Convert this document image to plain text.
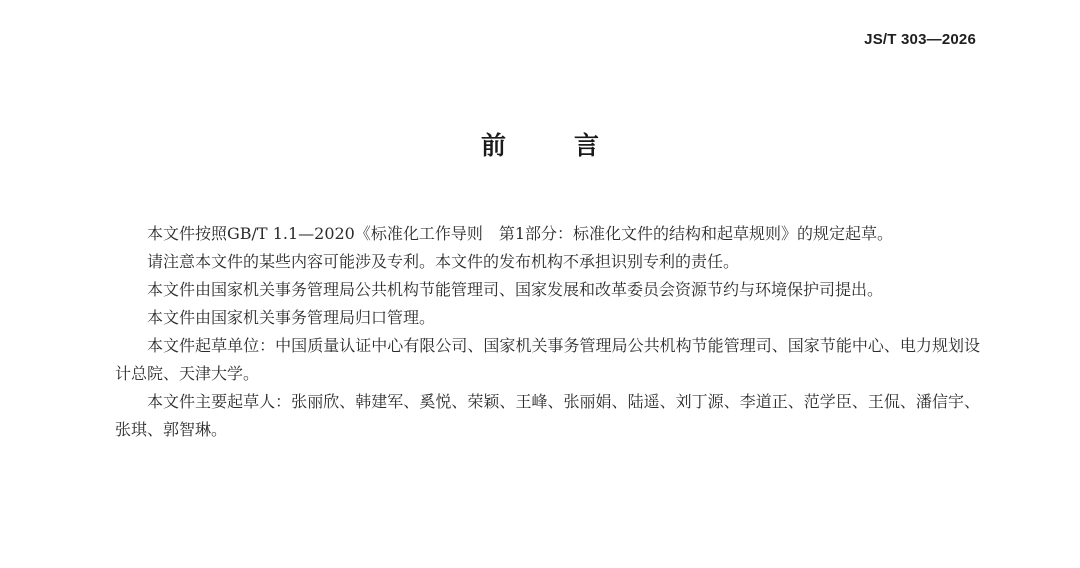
JS/T 303—2026
前	言

本文件按照GB/T 1.1—2020《标准化工作导则　第1部分：标准化文件的结构和起草规则》的规定起草。

请注意本文件的某些内容可能涉及专利。本文件的发布机构不承担识别专利的责任。

本文件由国家机关事务管理局公共机构节能管理司、国家发展和改革委员会资源节约与环境保护司提出。

本文件由国家机关事务管理局归口管理。

本文件起草单位：中国质量认证中心有限公司、国家机关事务管理局公共机构节能管理司、国家节能中心、电力规划设计总院、天津大学。

本文件主要起草人：张丽欣、韩建军、奚悦、荣颖、王峰、张丽娟、陆遥、刘丁源、李道正、范学臣、王侃、潘信宇、张琪、郭智琳。
